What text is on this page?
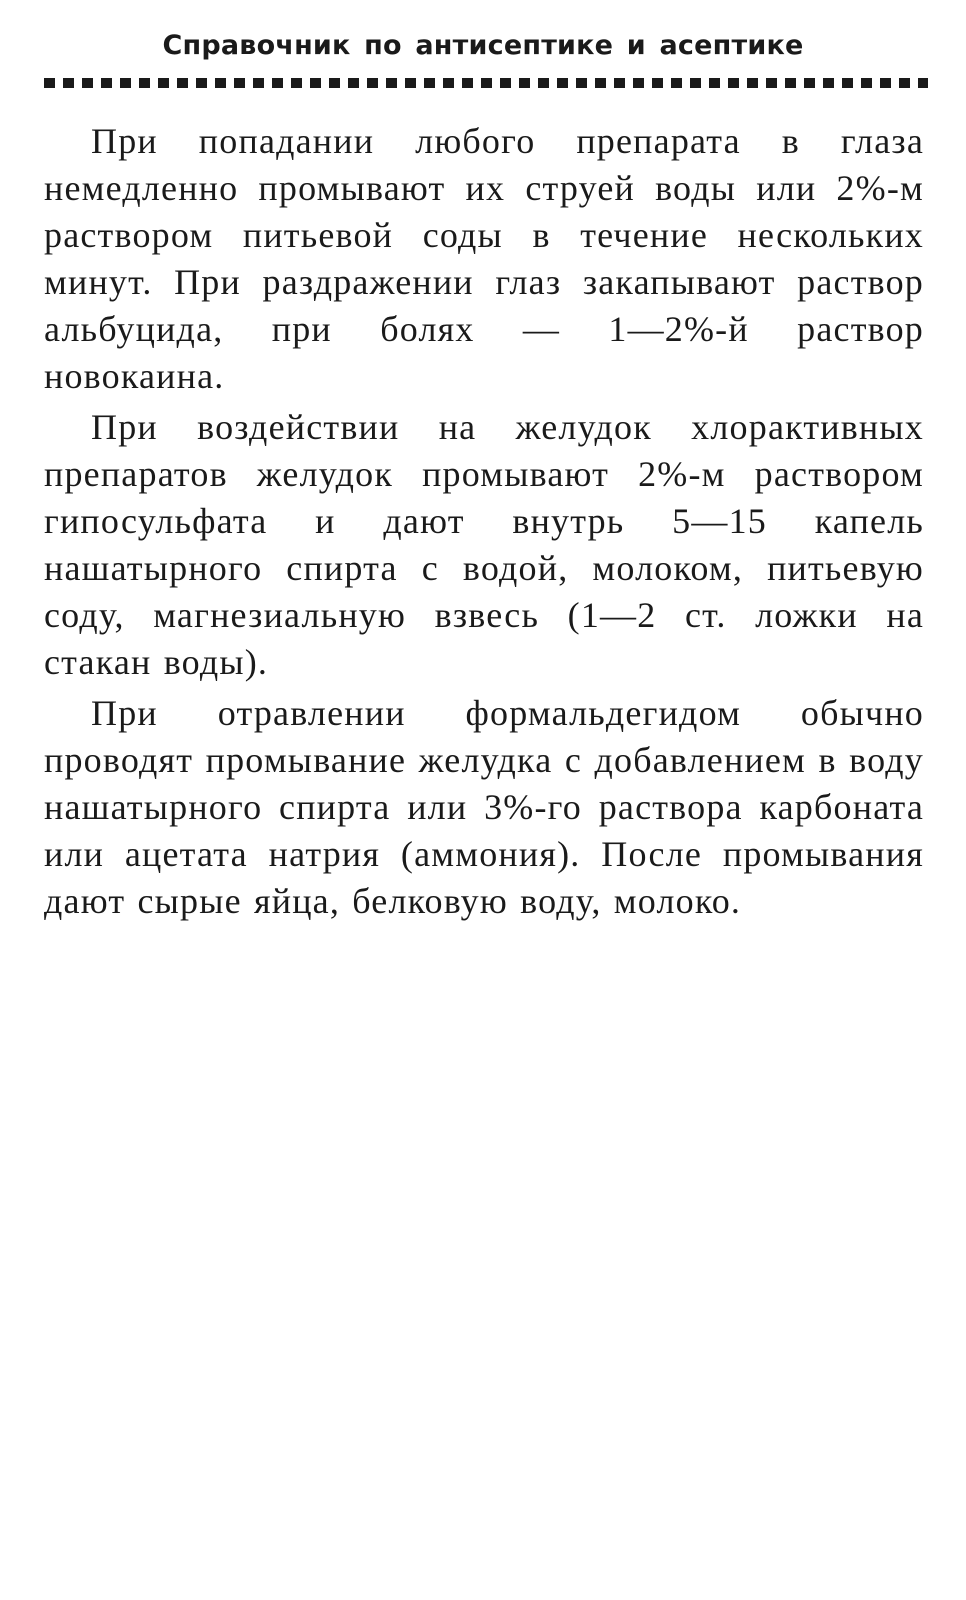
Справочник по антисептике и асептике

При попадании любого препарата в глаза немедленно промывают их струей воды или 2%-м раствором питьевой соды в течение нескольких минут. При раздражении глаз закапывают раствор альбуцида, при болях — 1—2%-й раствор новокаина.

При воздействии на желудок хлорактивных препаратов желудок промывают 2%-м раствором гипосульфата и дают внутрь 5—15 капель нашатырного спирта с водой, молоком, питьевую соду, магнезиальную взвесь (1—2 ст. ложки на стакан воды).

При отравлении формальдегидом обычно проводят промывание желудка с добавлением в воду нашатырного спирта или 3%-го раствора карбоната или ацетата натрия (аммония). После промывания дают сырые яйца, белковую воду, молоко.
